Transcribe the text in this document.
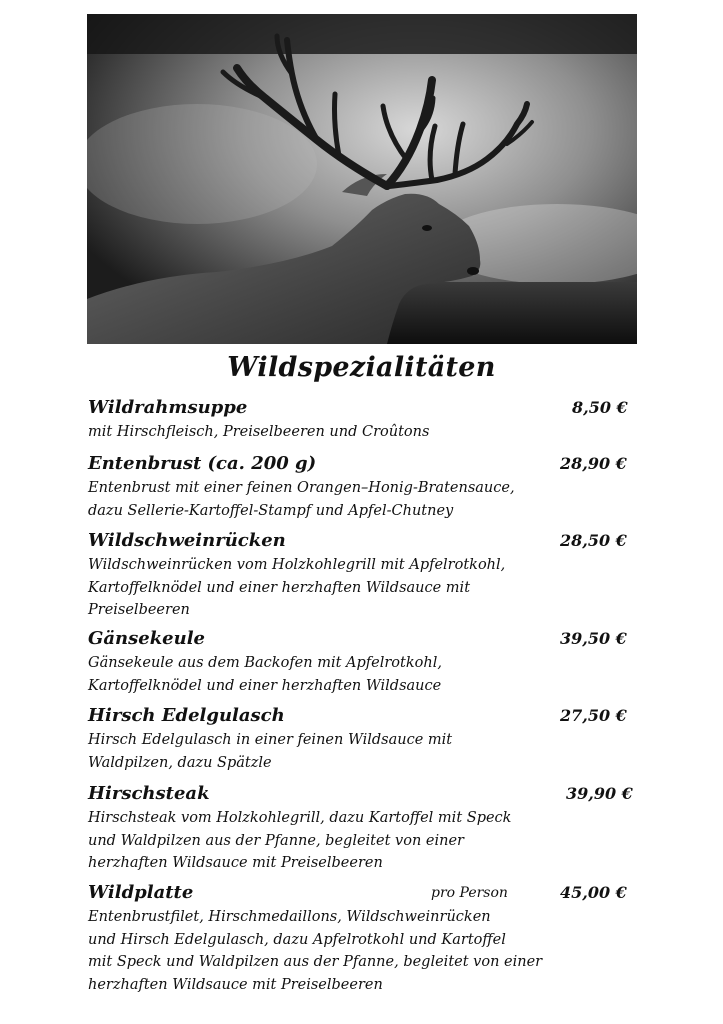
Wildspezialitäten
Wildrahmsuppe	8,50 €
mit Hirschfleisch, Preiselbeeren und Croûtons
Entenbrust (ca. 200 g)	28,90 €
Entenbrust mit einer feinen Orangen–Honig-Bratensauce,
dazu Sellerie-Kartoffel-Stampf und Apfel-Chutney
Wildschweinrücken	28,50 €
Wildschweinrücken vom Holzkohlegrill mit Apfelrotkohl,
Kartoffelknödel und einer herzhaften Wildsauce mit
Preiselbeeren
Gänsekeule	39,50 €
Gänsekeule aus dem Backofen mit Apfelrotkohl,
Kartoffelknödel und einer herzhaften Wildsauce
Hirsch Edelgulasch	27,50 €
Hirsch Edelgulasch in einer feinen Wildsauce mit
Waldpilzen, dazu Spätzle
Hirschsteak	39,90 €
Hirschsteak vom Holzkohlegrill, dazu Kartoffel mit Speck
und Waldpilzen aus der Pfanne, begleitet von einer
herzhaften Wildsauce mit Preiselbeeren
Wildplatte	pro Person	45,00 €
Entenbrustfilet, Hirschmedaillons, Wildschweinrücken
und Hirsch Edelgulasch, dazu Apfelrotkohl und Kartoffel
mit Speck und Waldpilzen aus der Pfanne, begleitet von einer
herzhaften Wildsauce mit Preiselbeeren
